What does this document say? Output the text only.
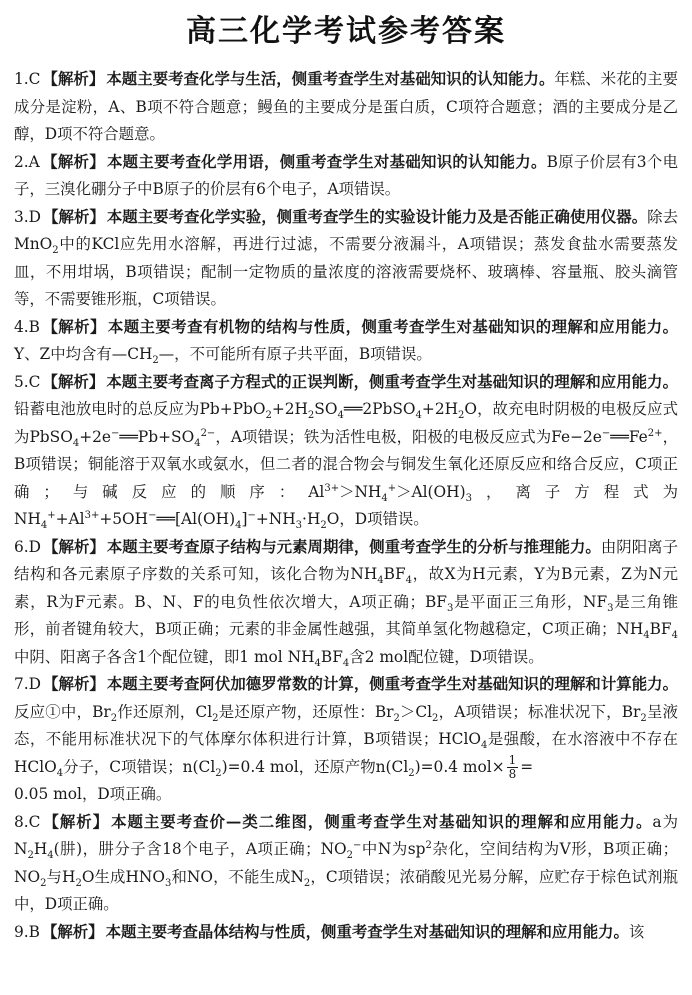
高三化学考试参考答案

1.C 【解析】 本题主要考查化学与生活，侧重考查学生对基础知识的认知能力。年糕、米花的主要成分是淀粉，A、B项不符合题意；鳗鱼的主要成分是蛋白质，C项符合题意；酒的主要成分是乙醇，D项不符合题意。

2.A 【解析】 本题主要考查化学用语，侧重考查学生对基础知识的认知能力。B原子价层有3个电子，三溴化硼分子中B原子的价层有6个电子，A项错误。

3.D 【解析】 本题主要考查化学实验，侧重考查学生的实验设计能力及是否能正确使用仪器。除去MnO$_2$中的KCl应先用水溶解，再进行过滤，不需要分液漏斗，A项错误；蒸发食盐水需要蒸发皿，不用坩埚，B项错误；配制一定物质的量浓度的溶液需要烧杯、玻璃棒、容量瓶、胶头滴管等，不需要锥形瓶，C项错误。

4.B 【解析】 本题主要考查有机物的结构与性质，侧重考查学生对基础知识的理解和应用能力。Y、Z中均含有$—CH_2—$，不可能所有原子共平面，B项错误。

5.C 【解析】 本题主要考查离子方程式的正误判断，侧重考查学生对基础知识的理解和应用能力。铅蓄电池放电时的总反应为$Pb+PbO_2+2H_2SO_4══2PbSO_4+2H_2O$，故充电时阴极的电极反应式为$PbSO_4+2e^-══Pb+SO_4^{2-}$，A项错误；铁为活性电极，阳极的电极反应式为$Fe-2e^-══Fe^{2+}$，B项错误；铜能溶于双氧水或氨水，但二者的混合物会与铜发生氧化还原反应和络合反应，C项正确；与碱反应的顺序：$Al^{3+}>NH_4^+>Al(OH)_3$，离子方程式为$NH_4^++Al^{3+}+5OH^-══[Al(OH)_4]^-+NH_3\cdot H_2O$，D项错误。

6.D 【解析】 本题主要考查原子结构与元素周期律，侧重考查学生的分析与推理能力。由阴阳离子结构和各元素原子序数的关系可知，该化合物为$NH_4BF_4$，故X为H元素，Y为B元素，Z为N元素，R为F元素。B、N、F的电负性依次增大，A项正确；$BF_3$是平面正三角形，$NF_3$是三角锥形，前者键角较大，B项正确；元素的非金属性越强，其简单氢化物越稳定，C项正确；$NH_4BF_4$中阴、阳离子各含1个配位键，即1 mol $NH_4BF_4$含2 mol配位键，D项错误。

7.D 【解析】 本题主要考查阿伏加德罗常数的计算，侧重考查学生对基础知识的理解和计算能力。反应①中，$Br_2$作还原剂，$Cl_2$是还原产物，还原性：$Br_2>Cl_2$，A项错误；标准状况下，$Br_2$呈液态，不能用标准状况下的气体摩尔体积进行计算，B项错误；HClO$_4$是强酸，在水溶液中不存在HClO$_4$分子，C项错误；$n(Cl_2)=0.4$ mol，还原产物$n(Cl_2)=0.4$ $mol\times \frac{1}{8}$ =
0.05 mol，D项正确。

8.C 【解析】 本题主要考查价—类二维图，侧重考查学生对基础知识的理解和应用能力。a为$N_2H_4$(肼)，肼分子含18个电子，A项正确；$NO_2^-$中N为$sp^2$杂化，空间结构为V形，B项正确；$NO_2$与$H_2O$生成$HNO_3$和NO，不能生成$N_2$，C项错误；浓硝酸见光易分解，应贮存于棕色试剂瓶中，D项正确。

9.B 【解析】 本题主要考查晶体结构与性质，侧重考查学生对基础知识的理解和应用能力。该
